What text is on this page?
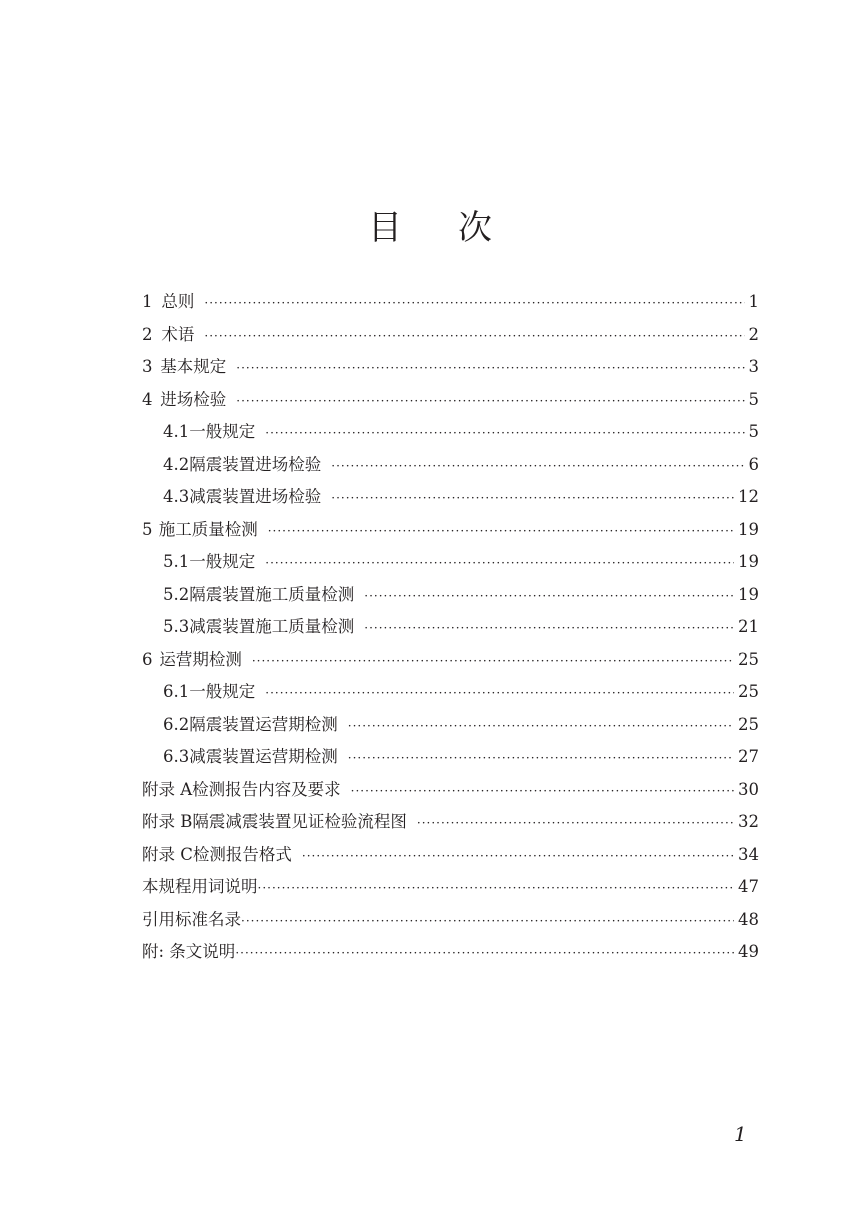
目 次
1 总则 ·····	1
2 术语 ·····	2
3 基本规定 ·····	3
4 进场检验 ·····	5
4.1 一般规定 ·····	5
4.2 隔震装置进场检验 ·····	6
4.3 减震装置进场检验 ·····	12
5 施工质量检测 ·····	19
5.1 一般规定 ·····	19
5.2 隔震装置施工质量检测 ·····	19
5.3 减震装置施工质量检测 ·····	21
6 运营期检测 ·····	25
6.1 一般规定 ·····	25
6.2 隔震装置运营期检测 ·····	25
6.3 减震装置运营期检测 ·····	27
附录 A 检测报告内容及要求 ·····	30
附录 B 隔震减震装置见证检验流程图 ·····	32
附录 C 检测报告格式 ·····	34
本规程用词说明 ·····	47
引用标准名录 ·····	48
附: 条文说明 ·····	49
1
